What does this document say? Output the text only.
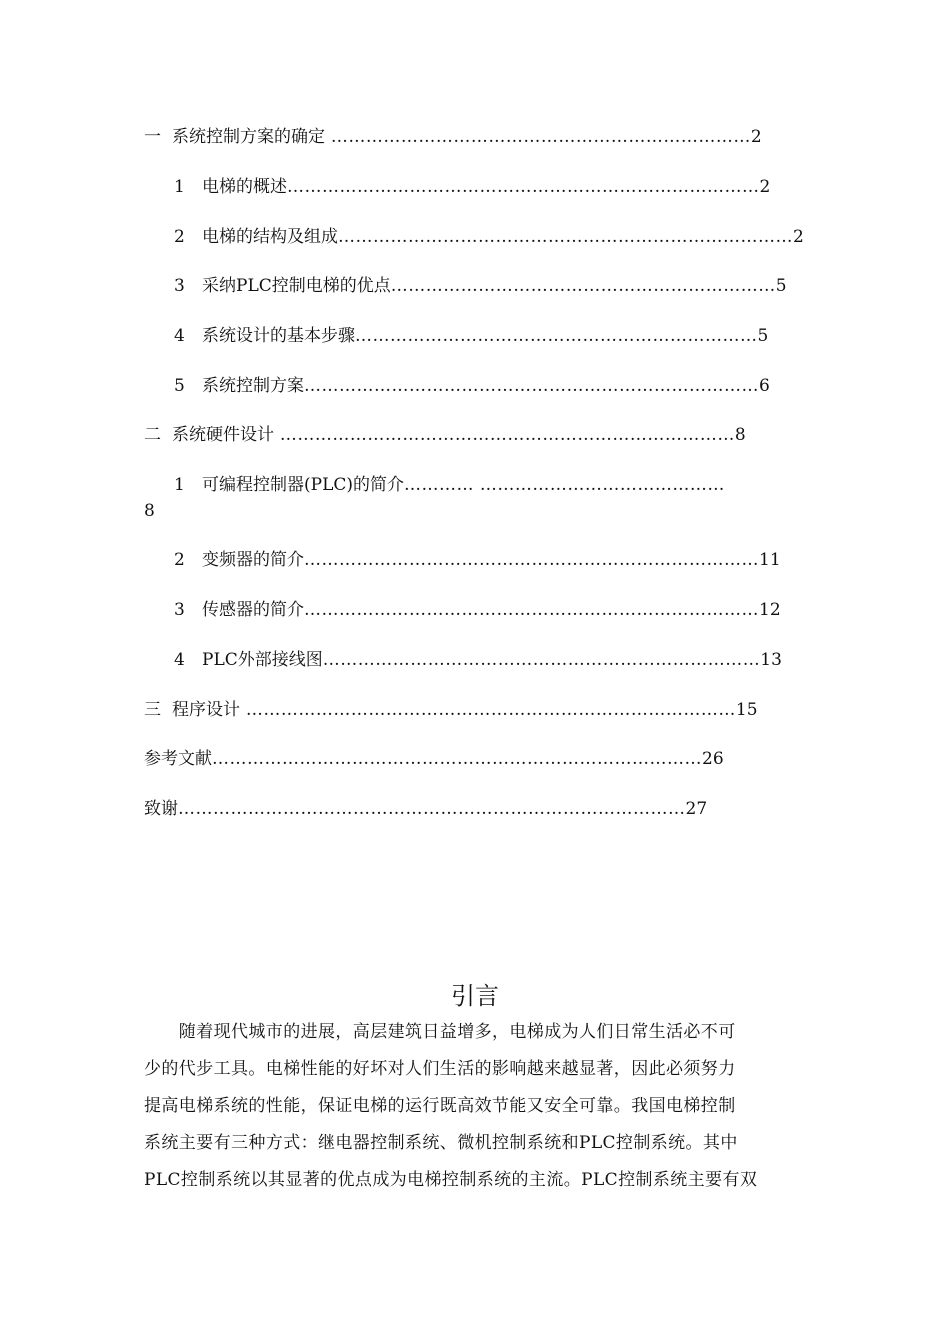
一 系统控制方案的确定 ………………………………………………………………2
1 电梯的概述………………………………………………………………………2
2 电梯的结构及组成……………………………………………………………………2
3 采纳PLC控制电梯的优点…………………………………………………………5
4 系统设计的基本步骤……………………………………………………………5
5 系统控制方案……………………………………………………………………6
二 系统硬件设计 ……………………………………………………………………8
1 可编程控制器(PLC)的简介………… ……………………………………
8
2 变频器的简介……………………………………………………………………11
3 传感器的简介……………………………………………………………………12
4 PLC外部接线图…………………………………………………………………13
三 程序设计 …………………………………………………………………………15
参考文献…………………………………………………………………………26
致谢……………………………………………………………………………27
引言
　　随着现代城市的进展，高层建筑日益增多，电梯成为人们日常生活必不可
少的代步工具。电梯性能的好坏对人们生活的影响越来越显著，因此必须努力
提高电梯系统的性能，保证电梯的运行既高效节能又安全可靠。我国电梯控制
系统主要有三种方式：继电器控制系统、微机控制系统和PLC控制系统。其中
PLC控制系统以其显著的优点成为电梯控制系统的主流。PLC控制系统主要有双
